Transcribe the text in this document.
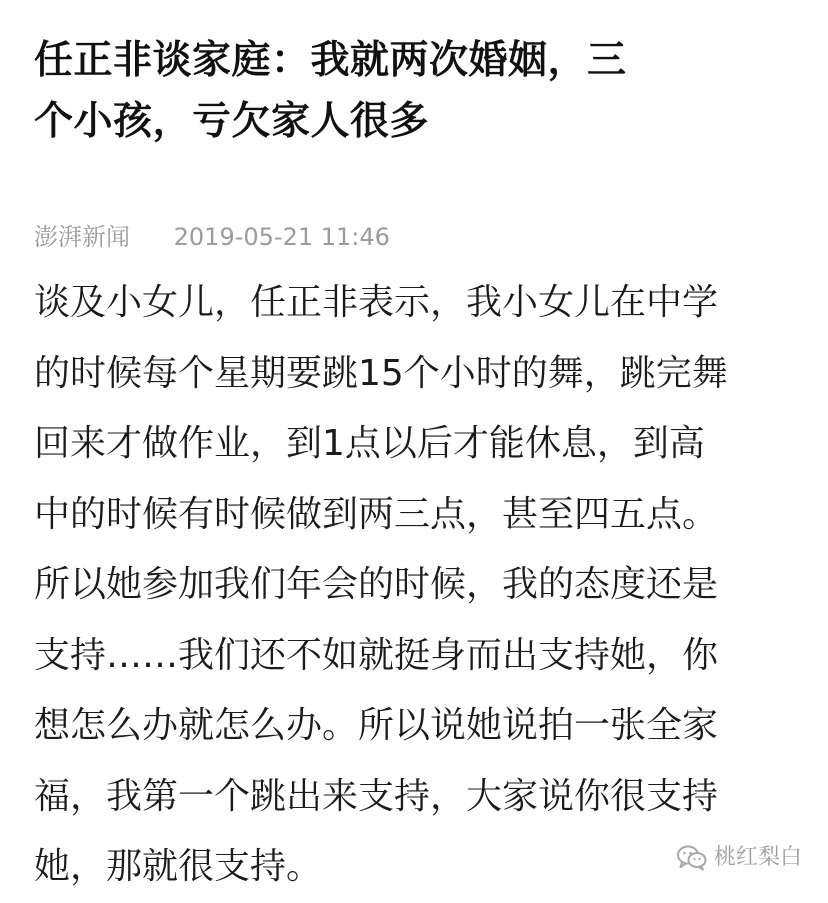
任正非谈家庭：我就两次婚姻，三
个小孩，亏欠家人很多
澎湃新闻 2019-05-21 11:46

谈及小女儿，任正非表示，我小女儿在中学
的时候每个星期要跳15个小时的舞，跳完舞
回来才做作业，到1点以后才能休息，到高
中的时候有时候做到两三点，甚至四五点。
所以她参加我们年会的时候，我的态度还是
支持……我们还不如就挺身而出支持她，你
想怎么办就怎么办。所以说她说拍一张全家
福，我第一个跳出来支持，大家说你很支持
她，那就很支持。	桃红梨白
